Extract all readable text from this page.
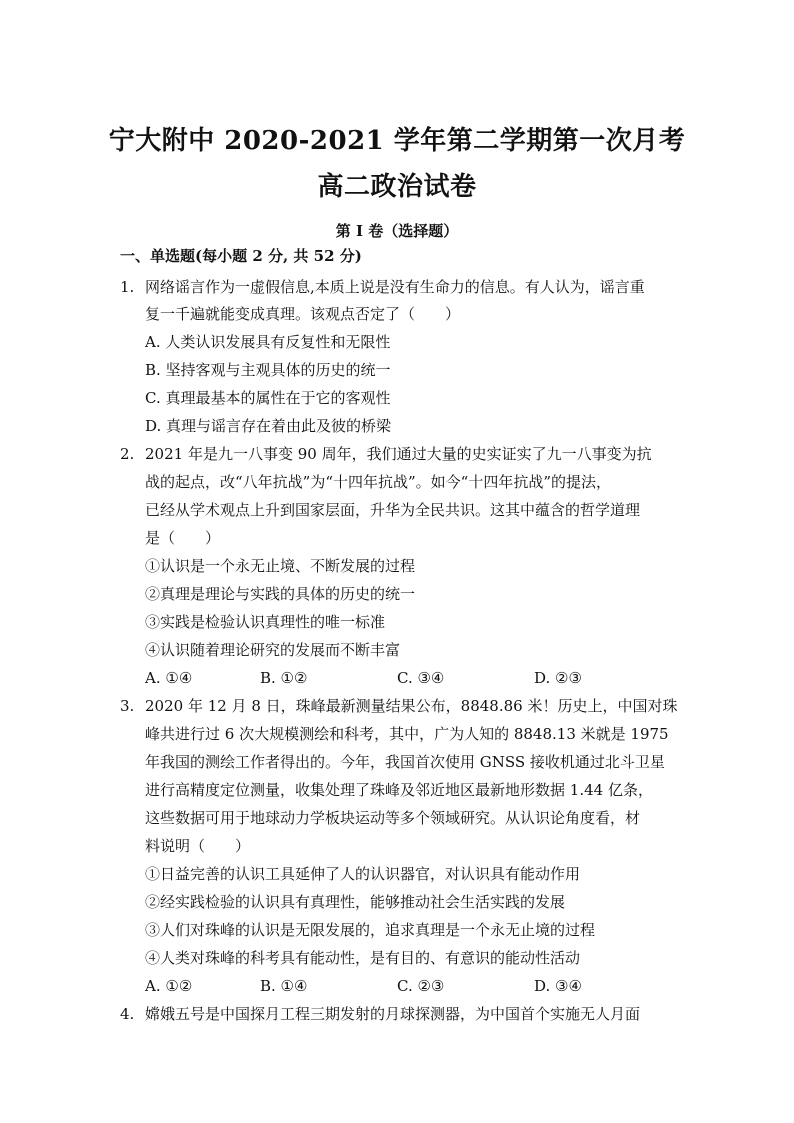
宁大附中 2020-2021 学年第二学期第一次月考
高二政治试卷
第 I 卷（选择题）
一、单选题(每小题 2 分, 共 52 分)
1. 网络谣言作为一虚假信息,本质上说是没有生命力的信息。有人认为，谣言重
复一千遍就能变成真理。该观点否定了（　　）
A. 人类认识发展具有反复性和无限性
B. 坚持客观与主观具体的历史的统一
C. 真理最基本的属性在于它的客观性
D. 真理与谣言存在着由此及彼的桥梁
2. 2021 年是九一八事变 90 周年，我们通过大量的史实证实了九一八事变为抗
战的起点，改“八年抗战”为“十四年抗战”。如今“十四年抗战”的提法，
已经从学术观点上升到国家层面，升华为全民共识。这其中蕴含的哲学道理
是（　　）
①认识是一个永无止境、不断发展的过程
②真理是理论与实践的具体的历史的统一
③实践是检验认识真理性的唯一标准
④认识随着理论研究的发展而不断丰富
A. ①④	B. ①②	C. ③④	D. ②③
3. 2020 年 12 月 8 日，珠峰最新测量结果公布，8848.86 米！历史上，中国对珠
峰共进行过 6 次大规模测绘和科考，其中，广为人知的 8848.13 米就是 1975
年我国的测绘工作者得出的。今年，我国首次使用 GNSS 接收机通过北斗卫星
进行高精度定位测量，收集处理了珠峰及邻近地区最新地形数据 1.44 亿条，
这些数据可用于地球动力学板块运动等多个领域研究。从认识论角度看，材
料说明（　　）
①日益完善的认识工具延伸了人的认识器官，对认识具有能动作用
②经实践检验的认识具有真理性，能够推动社会生活实践的发展
③人们对珠峰的认识是无限发展的，追求真理是一个永无止境的过程
④人类对珠峰的科考具有能动性，是有目的、有意识的能动性活动
A. ①②	B. ①④	C. ②③	D. ③④
4. 嫦娥五号是中国探月工程三期发射的月球探测器，为中国首个实施无人月面
